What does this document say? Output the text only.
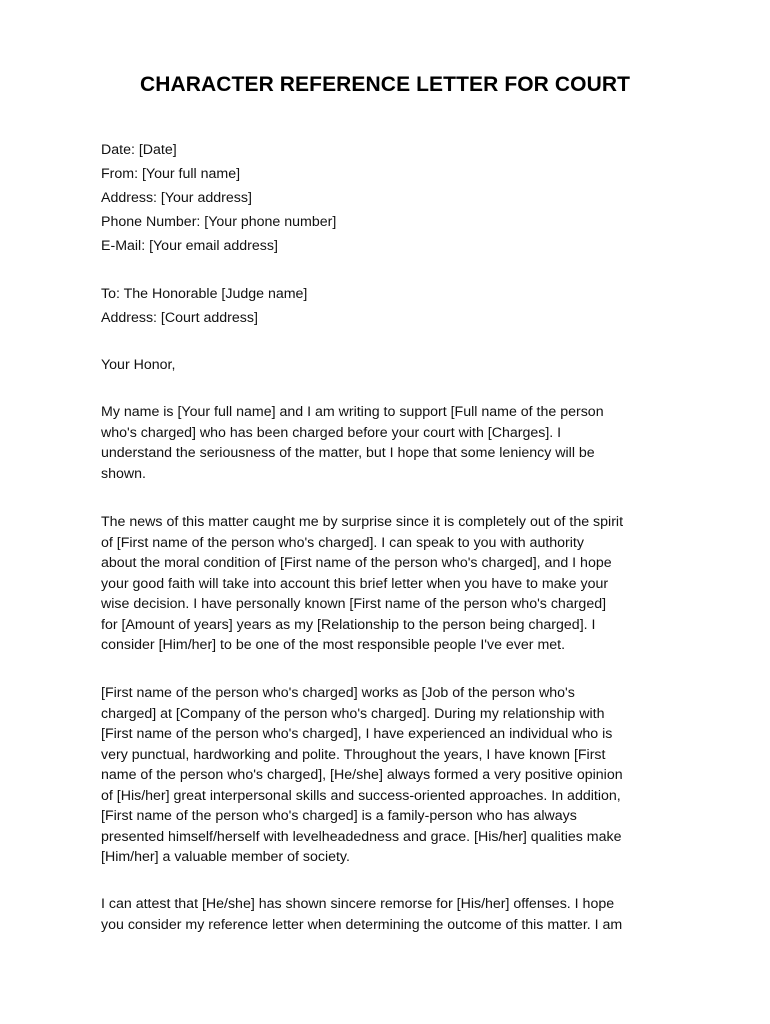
CHARACTER REFERENCE LETTER FOR COURT
Date: [Date]
From: [Your full name]
Address: [Your address]
Phone Number: [Your phone number]
E-Mail: [Your email address]
To: The Honorable [Judge name]
Address: [Court address]
Your Honor,
My name is [Your full name] and I am writing to support [Full name of the person
who's charged] who has been charged before your court with [Charges]. I
understand the seriousness of the matter, but I hope that some leniency will be
shown.
The news of this matter caught me by surprise since it is completely out of the spirit
of [First name of the person who's charged]. I can speak to you with authority
about the moral condition of [First name of the person who's charged], and I hope
your good faith will take into account this brief letter when you have to make your
wise decision. I have personally known [First name of the person who's charged]
for [Amount of years] years as my [Relationship to the person being charged]. I
consider [Him/her] to be one of the most responsible people I've ever met.
[First name of the person who's charged] works as [Job of the person who's
charged] at [Company of the person who's charged]. During my relationship with
[First name of the person who's charged], I have experienced an individual who is
very punctual, hardworking and polite. Throughout the years, I have known [First
name of the person who's charged], [He/she] always formed a very positive opinion
of [His/her] great interpersonal skills and success-oriented approaches. In addition,
[First name of the person who's charged] is a family-person who has always
presented himself/herself with levelheadedness and grace. [His/her] qualities make
[Him/her] a valuable member of society.
I can attest that [He/she] has shown sincere remorse for [His/her] offenses. I hope
you consider my reference letter when determining the outcome of this matter. I am
